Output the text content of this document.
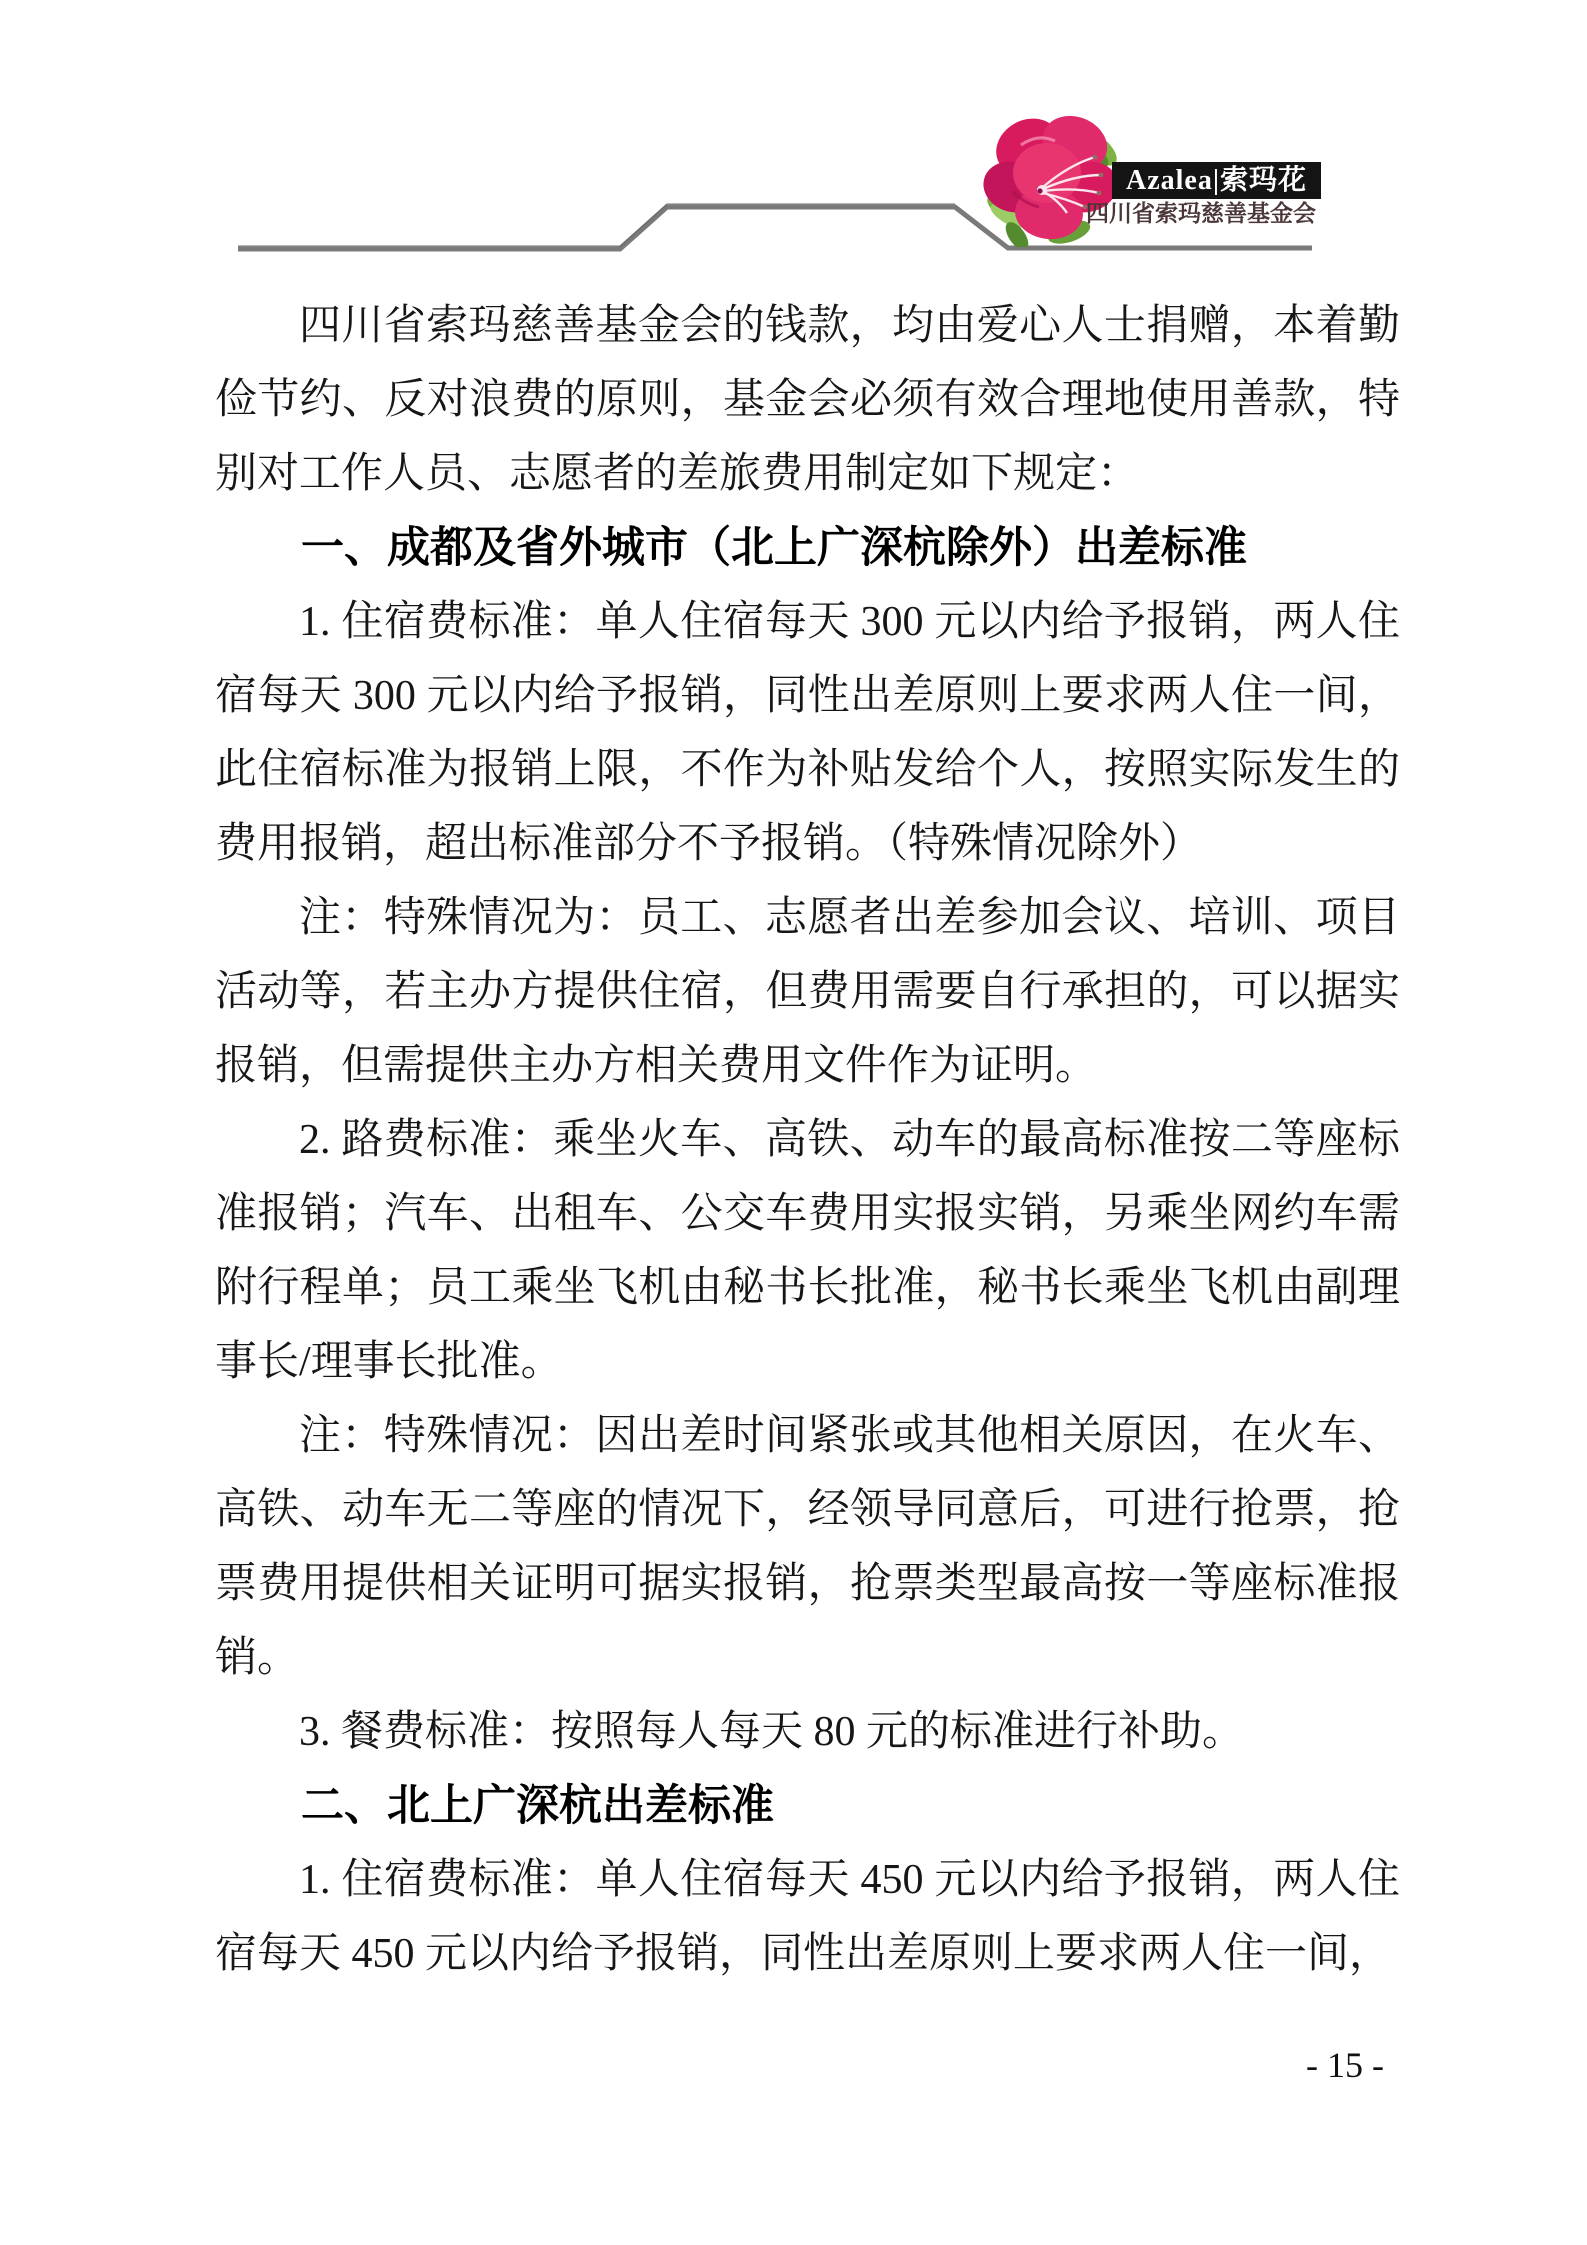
Azalea|索玛花
四川省索玛慈善基金会

四川省索玛慈善基金会的钱款，均由爱心人士捐赠，本着勤俭节约、反对浪费的原则，基金会必须有效合理地使用善款，特别对工作人员、志愿者的差旅费用制定如下规定：

一、成都及省外城市（北上广深杭除外）出差标准

1. 住宿费标准：单人住宿每天 300 元以内给予报销，两人住宿每天 300 元以内给予报销，同性出差原则上要求两人住一间，此住宿标准为报销上限，不作为补贴发给个人，按照实际发生的费用报销，超出标准部分不予报销。（特殊情况除外）

注：特殊情况为：员工、志愿者出差参加会议、培训、项目活动等，若主办方提供住宿，但费用需要自行承担的，可以据实报销，但需提供主办方相关费用文件作为证明。

2. 路费标准：乘坐火车、高铁、动车的最高标准按二等座标准报销；汽车、出租车、公交车费用实报实销，另乘坐网约车需附行程单；员工乘坐飞机由秘书长批准，秘书长乘坐飞机由副理事长/理事长批准。

注：特殊情况：因出差时间紧张或其他相关原因，在火车、高铁、动车无二等座的情况下，经领导同意后，可进行抢票，抢票费用提供相关证明可据实报销，抢票类型最高按一等座标准报销。

3. 餐费标准：按照每人每天 80 元的标准进行补助。

二、北上广深杭出差标准

1. 住宿费标准：单人住宿每天 450 元以内给予报销，两人住宿每天 450 元以内给予报销，同性出差原则上要求两人住一间，

- 15 -
